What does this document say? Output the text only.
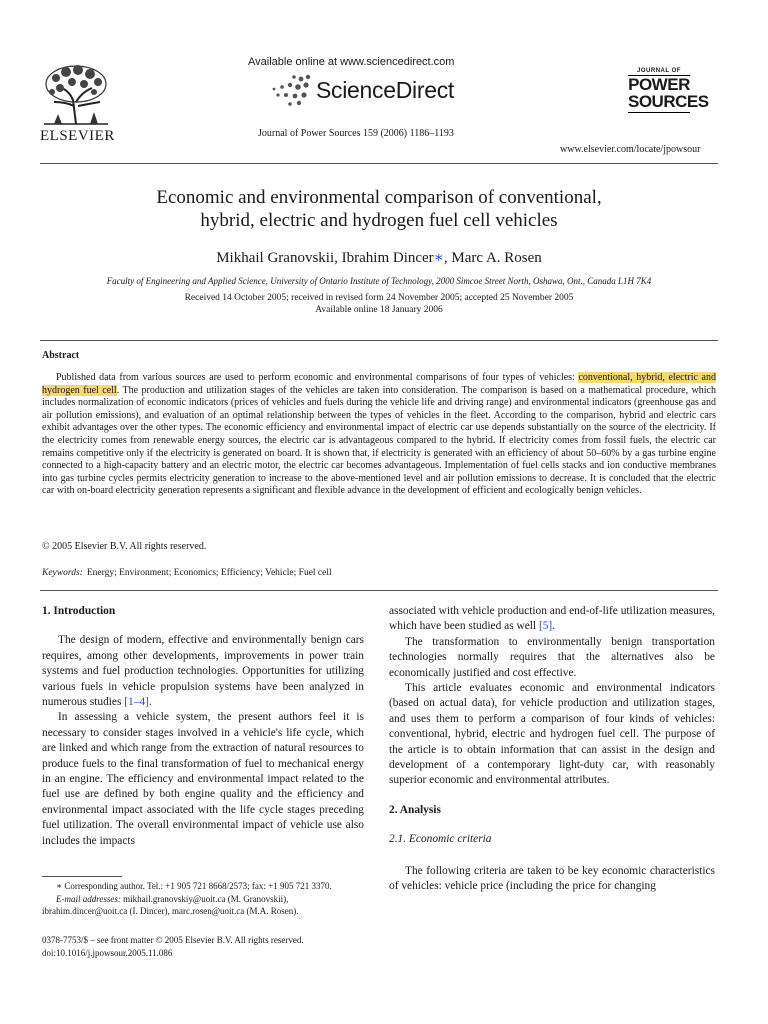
ELSEVIER
Available online at www.sciencedirect.com
ScienceDirect
Journal of Power Sources 159 (2006) 1186–1193
JOURNAL OF
POWER
SOURCES
www.elsevier.com/locate/jpowsour
Economic and environmental comparison of conventional,
hybrid, electric and hydrogen fuel cell vehicles
Mikhail Granovskii, Ibrahim Dincer∗, Marc A. Rosen
Faculty of Engineering and Applied Science, University of Ontario Institute of Technology, 2000 Simcoe Street North, Oshawa, Ont., Canada L1H 7K4
Received 14 October 2005; received in revised form 24 November 2005; accepted 25 November 2005
Available online 18 January 2006
Abstract
Published data from various sources are used to perform economic and environmental comparisons of four types of vehicles: conventional, hybrid, electric and hydrogen fuel cell. The production and utilization stages of the vehicles are taken into consideration. The comparison is based on a mathematical procedure, which includes normalization of economic indicators (prices of vehicles and fuels during the vehicle life and driving range) and environmental indicators (greenhouse gas and air pollution emissions), and evaluation of an optimal relationship between the types of vehicles in the fleet. According to the comparison, hybrid and electric cars exhibit advantages over the other types. The economic efficiency and environmental impact of electric car use depends substantially on the source of the electricity. If the electricity comes from renewable energy sources, the electric car is advantageous compared to the hybrid. If electricity comes from fossil fuels, the electric car remains competitive only if the electricity is generated on board. It is shown that, if electricity is generated with an efficiency of about 50–60% by a gas turbine engine connected to a high-capacity battery and an electric motor, the electric car becomes advantageous. Implementation of fuel cells stacks and ion conductive membranes into gas turbine cycles permits electricity generation to increase to the above-mentioned level and air pollution emissions to decrease. It is concluded that the electric car with on-board electricity generation represents a significant and flexible advance in the development of efficient and ecologically benign vehicles.
© 2005 Elsevier B.V. All rights reserved.
Keywords: Energy; Environment; Economics; Efficiency; Vehicle; Fuel cell
1. Introduction
The design of modern, effective and environmentally benign cars requires, among other developments, improvements in power train systems and fuel production technologies. Opportunities for utilizing various fuels in vehicle propulsion systems have been analyzed in numerous studies [1–4].
In assessing a vehicle system, the present authors feel it is necessary to consider stages involved in a vehicle's life cycle, which are linked and which range from the extraction of natural resources to produce fuels to the final transformation of fuel to mechanical energy in an engine. The efficiency and environmental impact related to the fuel use are defined by both engine quality and the efficiency and environmental impact associated with the life cycle stages preceding fuel utilization. The overall environmental impact of vehicle use also includes the impacts
associated with vehicle production and end-of-life utilization measures, which have been studied as well [5].
The transformation to environmentally benign transportation technologies normally requires that the alternatives also be economically justified and cost effective.
This article evaluates economic and environmental indicators (based on actual data), for vehicle production and utilization stages, and uses them to perform a comparison of four kinds of vehicles: conventional, hybrid, electric and hydrogen fuel cell. The purpose of the article is to obtain information that can assist in the design and development of a contemporary light-duty car, with reasonably superior economic and environmental attributes.
2. Analysis
2.1. Economic criteria
The following criteria are taken to be key economic characteristics of vehicles: vehicle price (including the price for changing
∗ Corresponding author. Tel.: +1 905 721 8668/2573; fax: +1 905 721 3370.
E-mail addresses: mikhail.granovskiy@uoit.ca (M. Granovskii),
ibrahim.dincer@uoit.ca (I. Dincer), marc.rosen@uoit.ca (M.A. Rosen).
0378-7753/$ – see front matter © 2005 Elsevier B.V. All rights reserved.
doi:10.1016/j.jpowsour.2005.11.086
